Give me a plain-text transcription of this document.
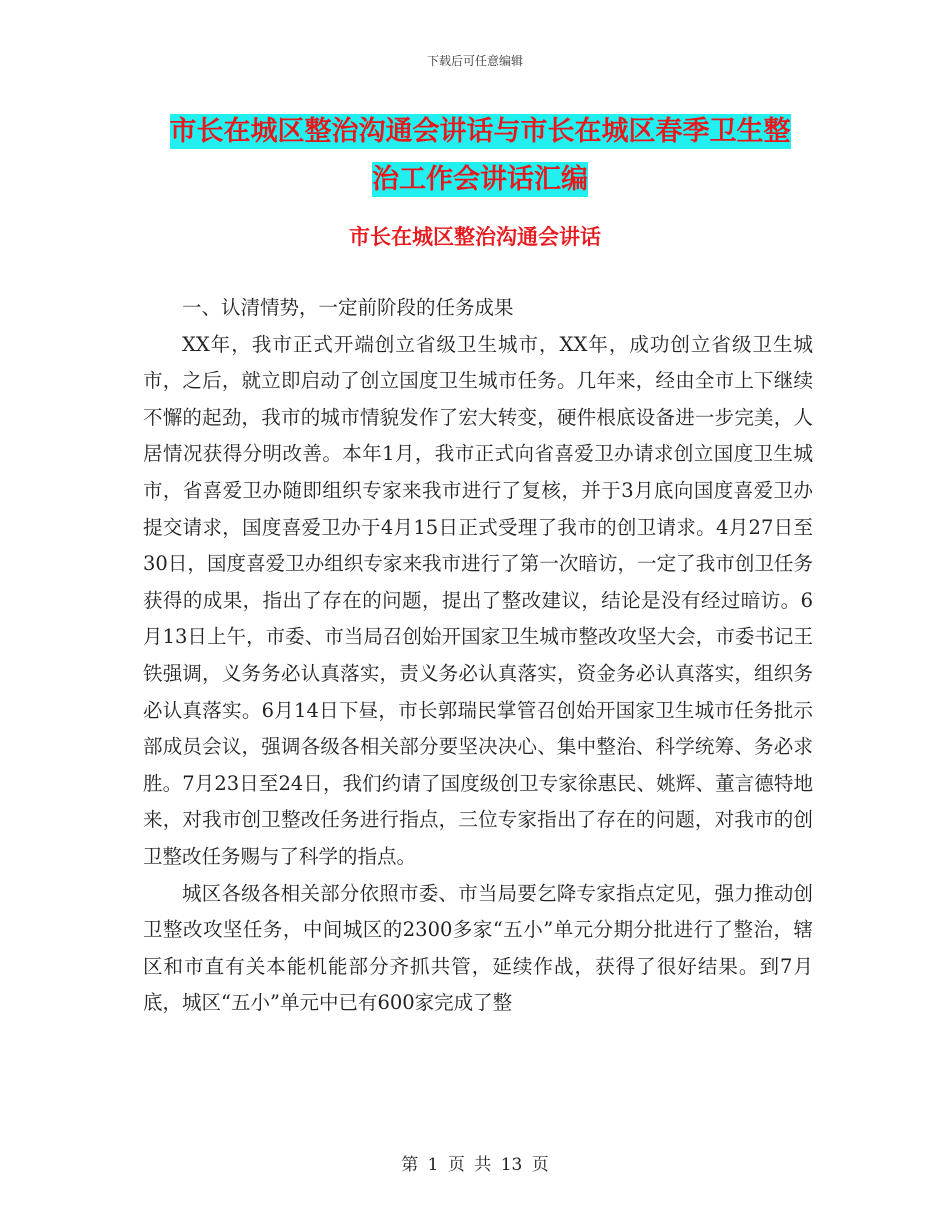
下载后可任意编辑
市长在城区整治沟通会讲话与市长在城区春季卫生整
治工作会讲话汇编
市长在城区整治沟通会讲话

一、认清情势，一定前阶段的任务成果

XX年，我市正式开端创立省级卫生城市，XX年，成功创立省级卫生城市，之后，就立即启动了创立国度卫生城市任务。几年来，经由全市上下继续不懈的起劲，我市的城市情貌发作了宏大转变，硬件根底设备进一步完美，人居情况获得分明改善。本年1月，我市正式向省喜爱卫办请求创立国度卫生城市，省喜爱卫办随即组织专家来我市进行了复核，并于3月底向国度喜爱卫办提交请求，国度喜爱卫办于4月15日正式受理了我市的创卫请求。4月27日至30日，国度喜爱卫办组织专家来我市进行了第一次暗访，一定了我市创卫任务获得的成果，指出了存在的问题，提出了整改建议，结论是没有经过暗访。6月13日上午，市委、市当局召创始开国家卫生城市整改攻坚大会，市委书记王铁强调，义务务必认真落实，责义务必认真落实，资金务必认真落实，组织务必认真落实。6月14日下昼，市长郭瑞民掌管召创始开国家卫生城市任务批示部成员会议，强调各级各相关部分要坚决决心、集中整治、科学统筹、务必求胜。7月23日至24日，我们约请了国度级创卫专家徐惠民、姚辉、董言德特地来，对我市创卫整改任务进行指点，三位专家指出了存在的问题，对我市的创卫整改任务赐与了科学的指点。

城区各级各相关部分依照市委、市当局要乞降专家指点定见，强力推动创卫整改攻坚任务，中间城区的2300多家“五小”单元分期分批进行了整治，辖区和市直有关本能机能部分齐抓共管，延续作战，获得了很好结果。到7月底，城区“五小”单元中已有600家完成了整

第 1 页 共 13 页
